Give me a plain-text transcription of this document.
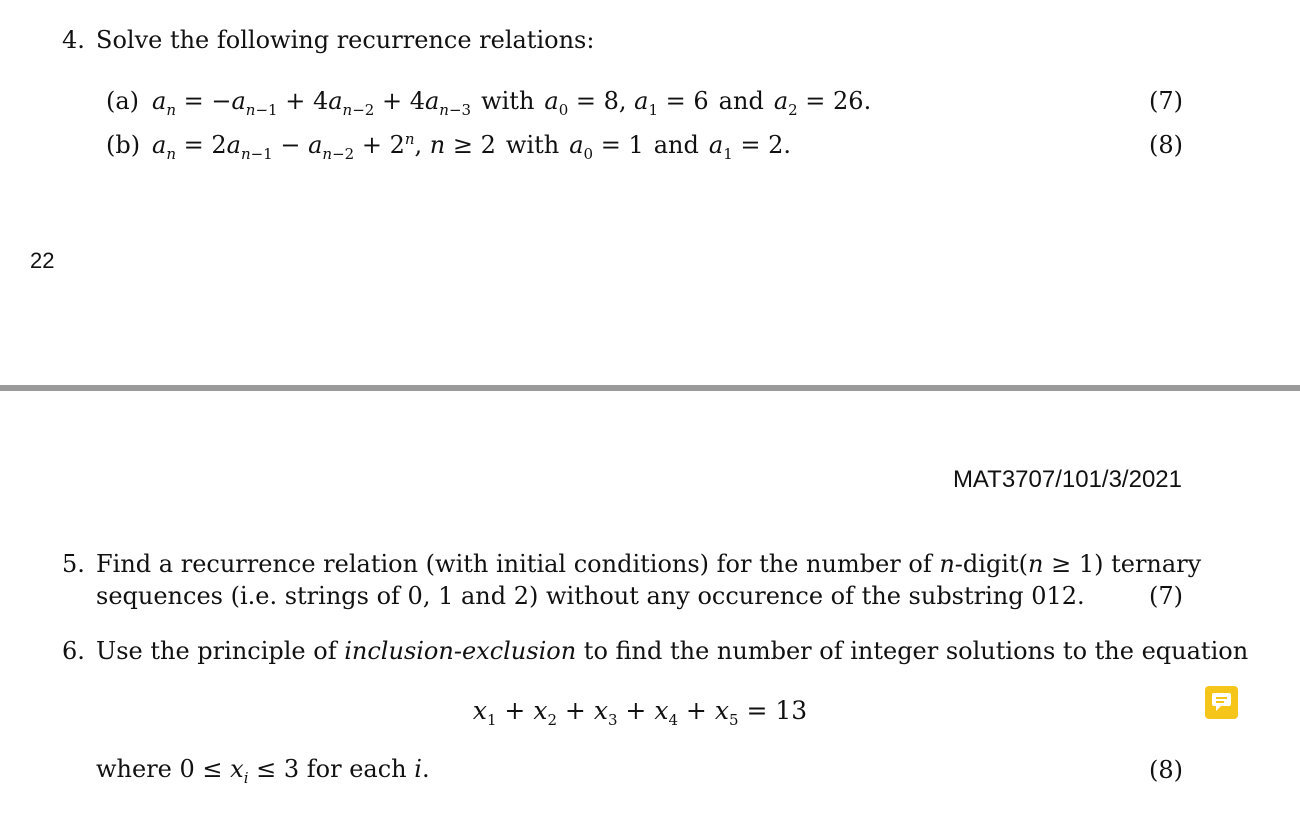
4. Solve the following recurrence relations:
(a) $a_n = -a_{n-1} + 4a_{n-2} + 4a_{n-3}$ with $a_0 = 8$, $a_1 = 6$ and $a_2 = 26$.	(7)
(b) $a_n = 2a_{n-1} - a_{n-2} + 2^n$, n ≥ 2 with $a_0 = 1$ and $a_1 = 2$.	(8)
22
MAT3707/101/3/2021
5. Find a recurrence relation (with initial conditions) for the number of n-digit(n ≥ 1) ternary
sequences (i.e. strings of 0, 1 and 2) without any occurence of the substring 012.	(7)
6. Use the principle of inclusion-exclusion to find the number of integer solutions to the equation
$x_1 + x_2 + x_3 + x_4 + x_5 = 13$
where $0 \le x_i \le 3$ for each i.	(8)
